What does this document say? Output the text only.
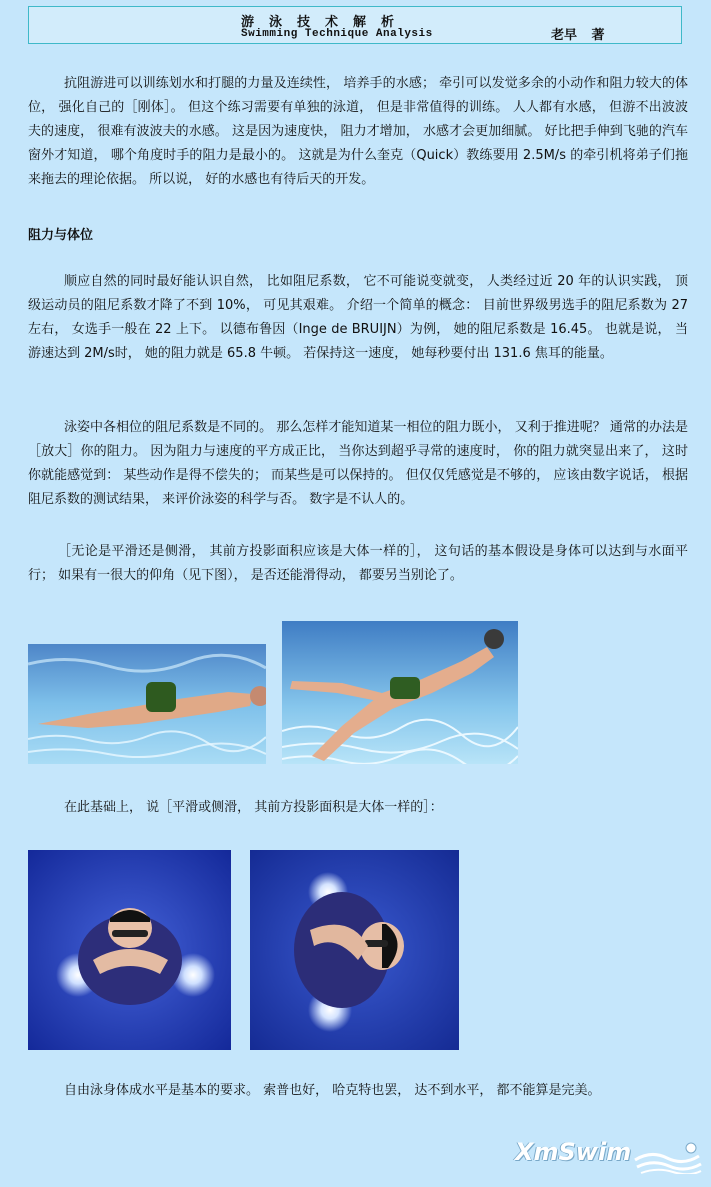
游泳技术解析
Swimming Technique Analysis	老早 著

抗阻游进可以训练划水和打腿的力量及连续性， 培养手的水感； 牵引可以发觉多余的小动作和阻力较大的体位， 强化自己的［刚体］。 但这个练习需要有单独的泳道， 但是非常值得的训练。 人人都有水感， 但游不出波波夫的速度， 很难有波波夫的水感。 这是因为速度快， 阻力才增加， 水感才会更加细腻。 好比把手伸到飞驰的汽车窗外才知道， 哪个角度时手的阻力是最小的。 这就是为什么奎克（Quick）教练要用 2.5M/s 的牵引机将弟子们拖来拖去的理论依据。 所以说， 好的水感也有待后天的开发。

阻力与体位

顺应自然的同时最好能认识自然， 比如阻尼系数， 它不可能说变就变， 人类经过近 20 年的认识实践， 顶级运动员的阻尼系数才降了不到 10%， 可见其艰难。 介绍一个简单的概念： 目前世界级男选手的阻尼系数为 27 左右， 女选手一般在 22 上下。 以德布鲁因（Inge de BRUIJN）为例， 她的阻尼系数是 16.45。 也就是说， 当游速达到 2M/s时， 她的阻力就是 65.8 牛顿。 若保持这一速度， 她每秒要付出 131.6 焦耳的能量。

泳姿中各相位的阻尼系数是不同的。 那么怎样才能知道某一相位的阻力既小， 又利于推进呢？ 通常的办法是［放大］你的阻力。 因为阻力与速度的平方成正比， 当你达到超乎寻常的速度时， 你的阻力就突显出来了， 这时你就能感觉到： 某些动作是得不偿失的； 而某些是可以保持的。 但仅仅凭感觉是不够的， 应该由数字说话， 根据阻尼系数的测试结果， 来评价泳姿的科学与否。 数字是不认人的。

［无论是平滑还是侧滑， 其前方投影面积应该是大体一样的］， 这句话的基本假设是身体可以达到与水面平行； 如果有一很大的仰角（见下图）， 是否还能滑得动， 都要另当别论了。

在此基础上， 说［平滑或侧滑， 其前方投影面积是大体一样的］：

自由泳身体成水平是基本的要求。 索普也好， 哈克特也罢， 达不到水平， 都不能算是完美。

XmSwim
